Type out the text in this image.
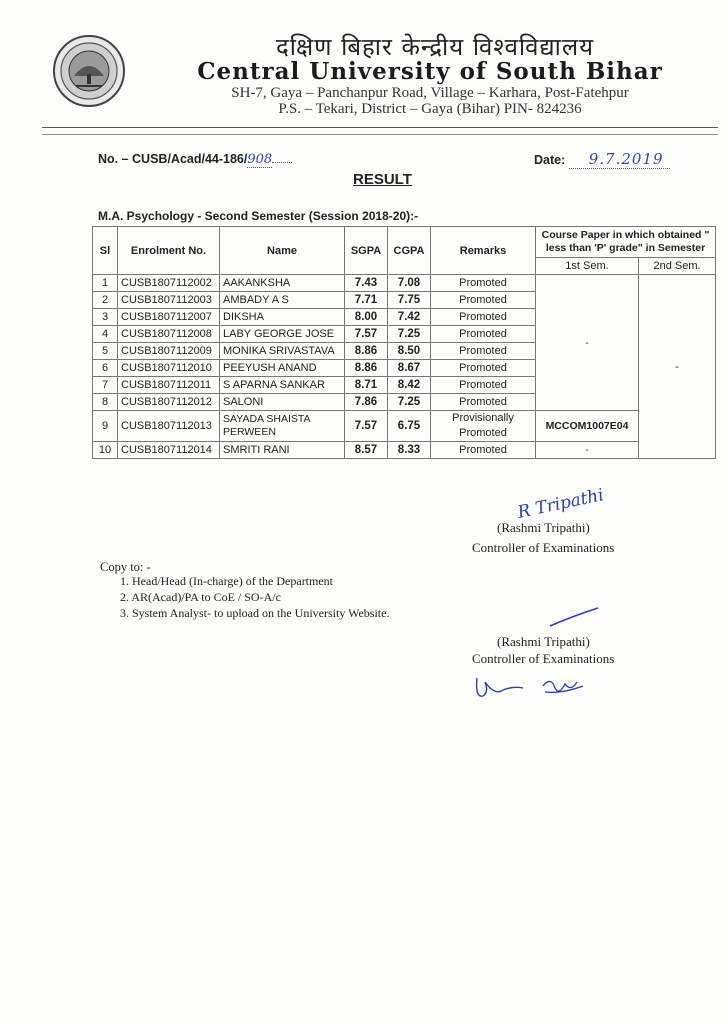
दक्षिण बिहार केन्द्रीय विश्वविद्यालय
Central University of South Bihar
SH-7, Gaya – Panchanpur Road, Village – Karhara, Post-Fatehpur
P.S. – Tekari, District – Gaya (Bihar) PIN- 824236
No. – CUSB/Acad/44-186/908	Date: 9.7.2019
RESULT
M.A. Psychology - Second Semester (Session 2018-20):-
Sl	Enrolment No.	Name	SGPA	CGPA	Remarks	Course Paper in which obtained " less than 'P' grade" in Semester	
						1st Sem.	2nd Sem.
1	CUSB1807112002	AAKANKSHA	7.43	7.08	Promoted	-	-
2	CUSB1807112003	AMBADY A S	7.71	7.75	Promoted		
3	CUSB1807112007	DIKSHA	8.00	7.42	Promoted		
4	CUSB1807112008	LABY GEORGE JOSE	7.57	7.25	Promoted		
5	CUSB1807112009	MONIKA SRIVASTAVA	8.86	8.50	Promoted		
6	CUSB1807112010	PEEYUSH ANAND	8.86	8.67	Promoted		
7	CUSB1807112011	S APARNA SANKAR	8.71	8.42	Promoted		
8	CUSB1807112012	SALONI	7.86	7.25	Promoted		
9	CUSB1807112013	SAYADA SHAISTA PERWEEN	7.57	6.75	Provisionally Promoted	MCCOM1007E04	
10	CUSB1807112014	SMRITI RANI	8.57	8.33	Promoted	-	
R Tripathi
(Rashmi Tripathi)
Controller of Examinations
Copy to: -
1. Head/Head (In-charge) of the Department
2. AR(Acad)/PA to CoE / SO-A/c
3. System Analyst- to upload on the University Website.
(Rashmi Tripathi)
Controller of Examinations
